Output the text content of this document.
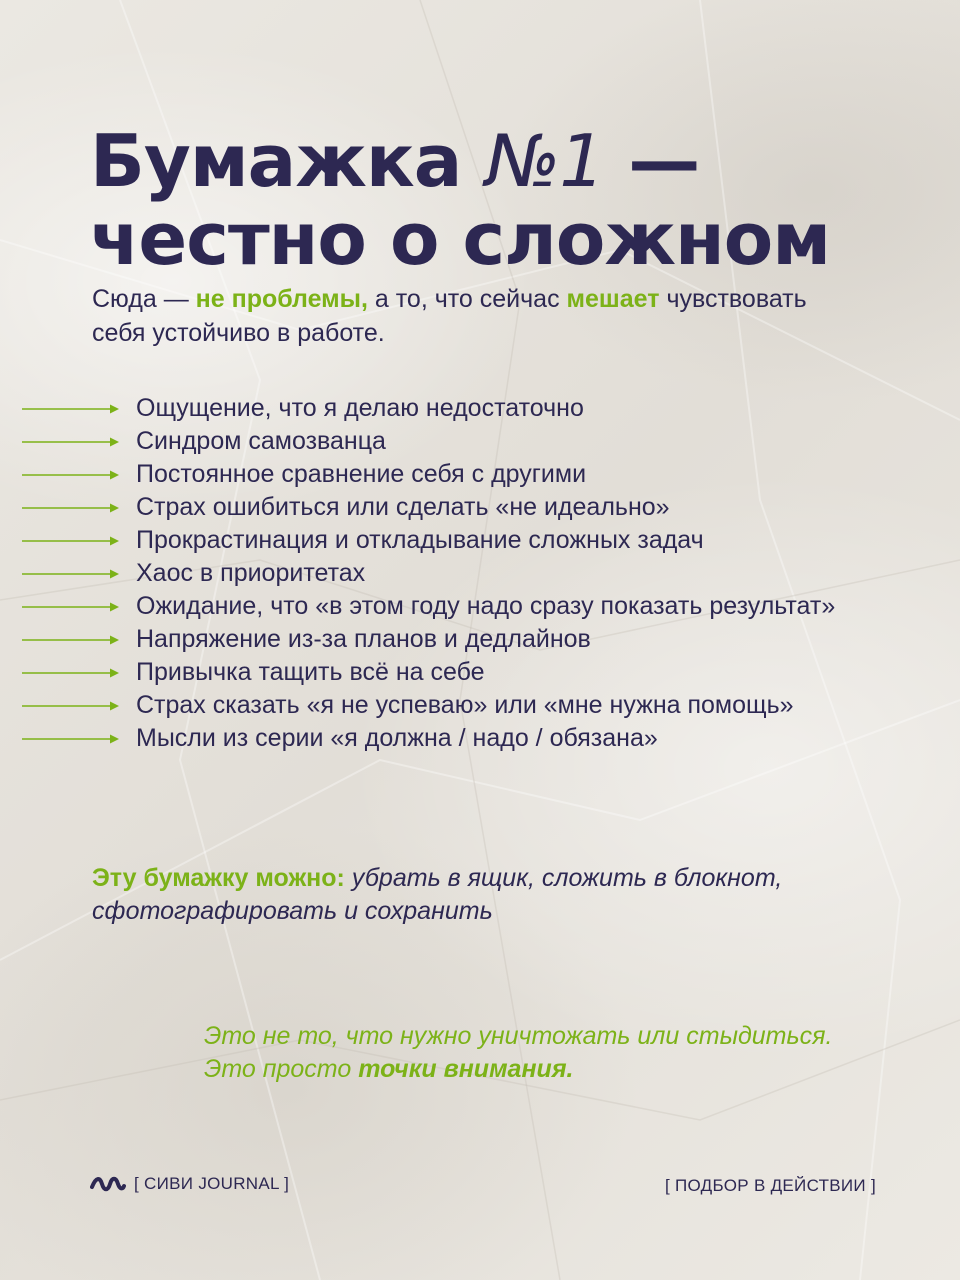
Бумажка №1 —
честно о сложном
Сюда — не проблемы, а то, что сейчас мешает чувствовать себя устойчиво в работе.
Ощущение, что я делаю недостаточно
Синдром самозванца
Постоянное сравнение себя с другими
Страх ошибиться или сделать «не идеально»
Прокрастинация и откладывание сложных задач
Хаос в приоритетах
Ожидание, что «в этом году надо сразу показать результат»
Напряжение из-за планов и дедлайнов
Привычка тащить всё на себе
Страх сказать «я не успеваю» или «мне нужна помощь»
Мысли из серии «я должна / надо / обязана»
Эту бумажку можно: убрать в ящик, сложить в блокнот, сфотографировать и сохранить
Это не то, что нужно уничтожать или стыдиться.
Это просто точки внимания.
[ СИВИ JOURNAL ]	[ ПОДБОР В ДЕЙСТВИИ ]
